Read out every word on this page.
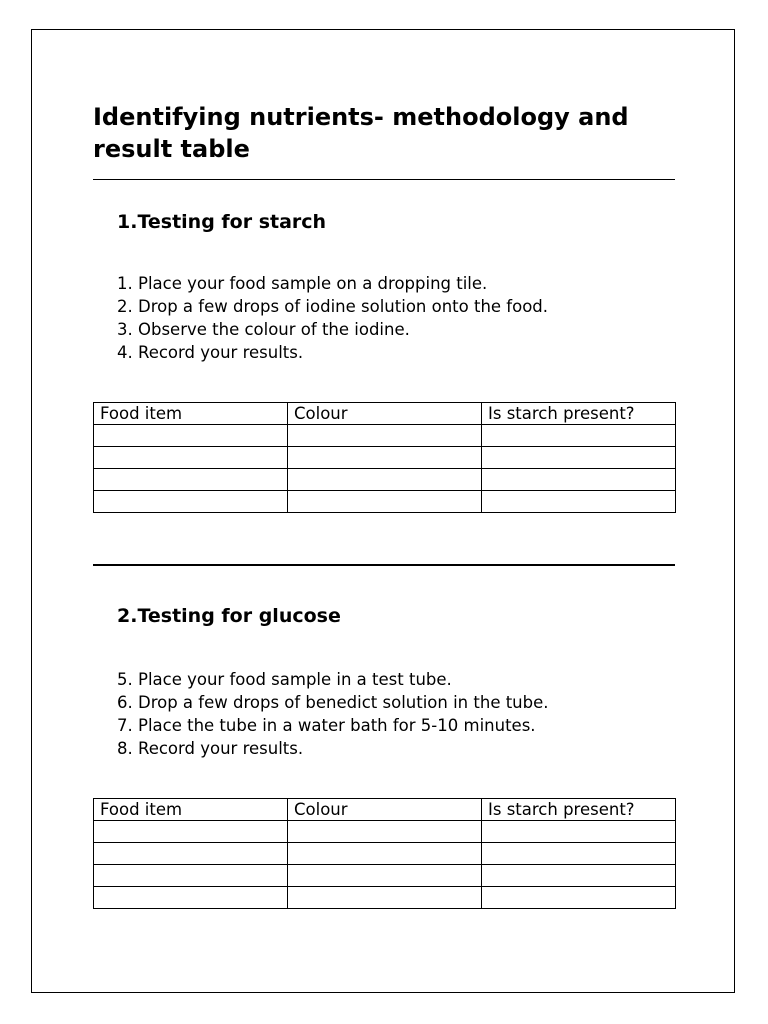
Identifying nutrients- methodology and result table
1.Testing for starch
1. Place your food sample on a dropping tile.
2. Drop a few drops of iodine solution onto the food.
3. Observe the colour of the iodine.
4. Record your results.
Food item	Colour	Is starch present?

2.Testing for glucose
5. Place your food sample in a test tube.
6. Drop a few drops of benedict solution in the tube.
7. Place the tube in a water bath for 5-10 minutes.
8. Record your results.
Food item	Colour	Is starch present?
